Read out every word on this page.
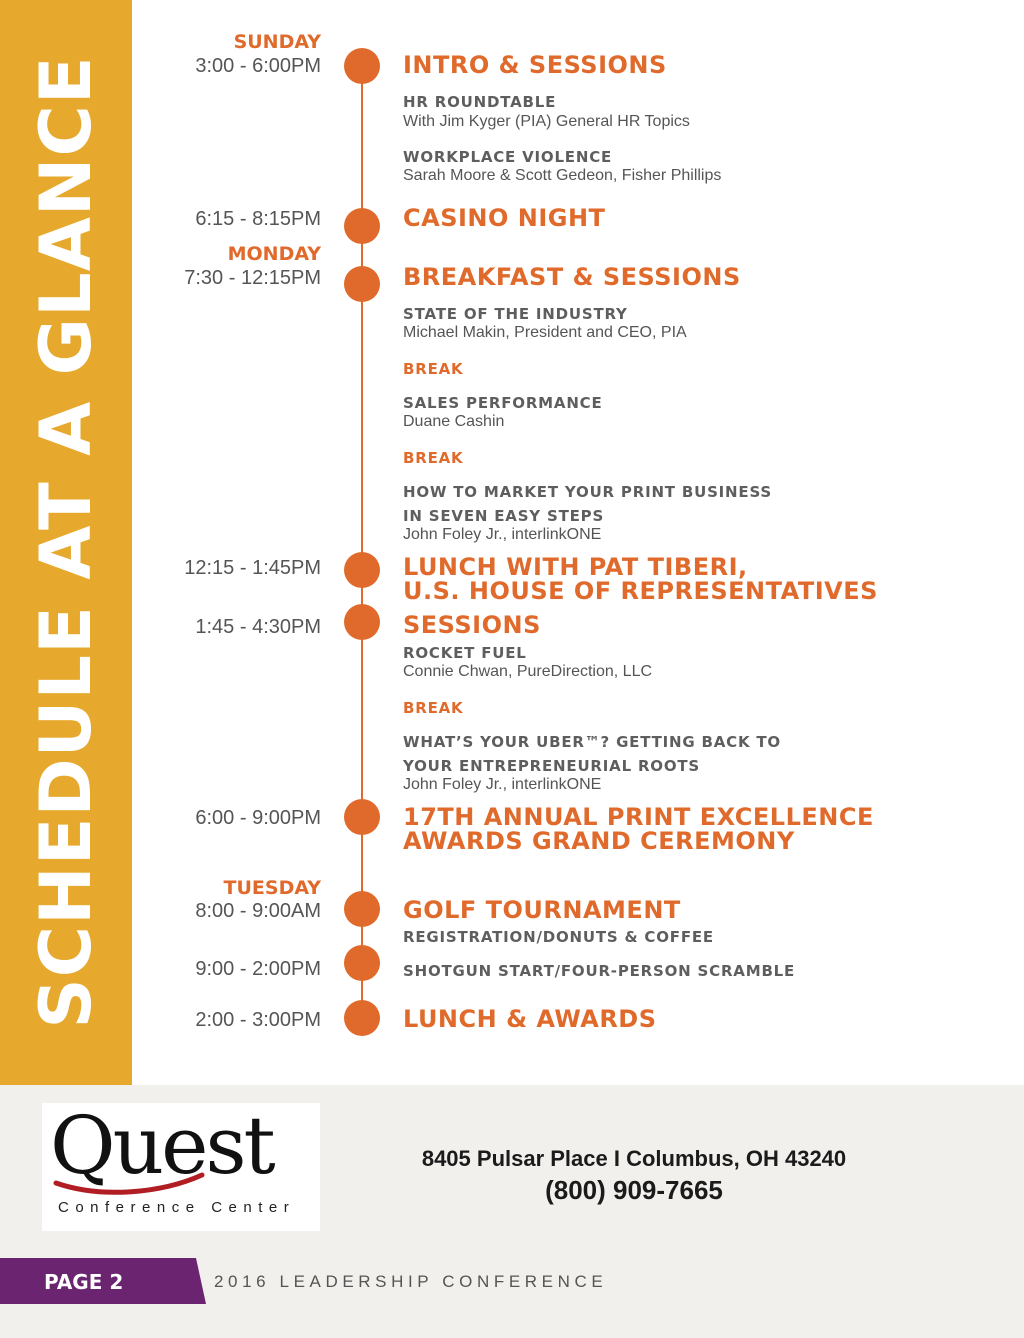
SCHEDULE AT A GLANCE
SUNDAY
3:00 - 6:00PM	INTRO & SESSIONS
HR ROUNDTABLE
With Jim Kyger (PIA) General HR Topics
WORKPLACE VIOLENCE
Sarah Moore & Scott Gedeon, Fisher Phillips
6:15 - 8:15PM	CASINO NIGHT
MONDAY
7:30 - 12:15PM	BREAKFAST & SESSIONS
STATE OF THE INDUSTRY
Michael Makin, President and CEO, PIA
BREAK
SALES PERFORMANCE
Duane Cashin
BREAK
HOW TO MARKET YOUR PRINT BUSINESS
IN SEVEN EASY STEPS
John Foley Jr., interlinkONE
12:15 - 1:45PM	LUNCH WITH PAT TIBERI,
U.S. HOUSE OF REPRESENTATIVES
1:45 - 4:30PM	SESSIONS
ROCKET FUEL
Connie Chwan, PureDirection, LLC
BREAK
WHAT’S YOUR UBER™? GETTING BACK TO
YOUR ENTREPRENEURIAL ROOTS
John Foley Jr., interlinkONE
6:00 - 9:00PM	17TH ANNUAL PRINT EXCELLENCE
AWARDS GRAND CEREMONY
TUESDAY
8:00 - 9:00AM	GOLF TOURNAMENT
REGISTRATION/DONUTS & COFFEE
9:00 - 2:00PM	SHOTGUN START/FOUR-PERSON SCRAMBLE
2:00 - 3:00PM	LUNCH & AWARDS
Quest
Conference Center
8405 Pulsar Place I Columbus, OH 43240
(800) 909-7665
PAGE 2	2016 LEADERSHIP CONFERENCE
